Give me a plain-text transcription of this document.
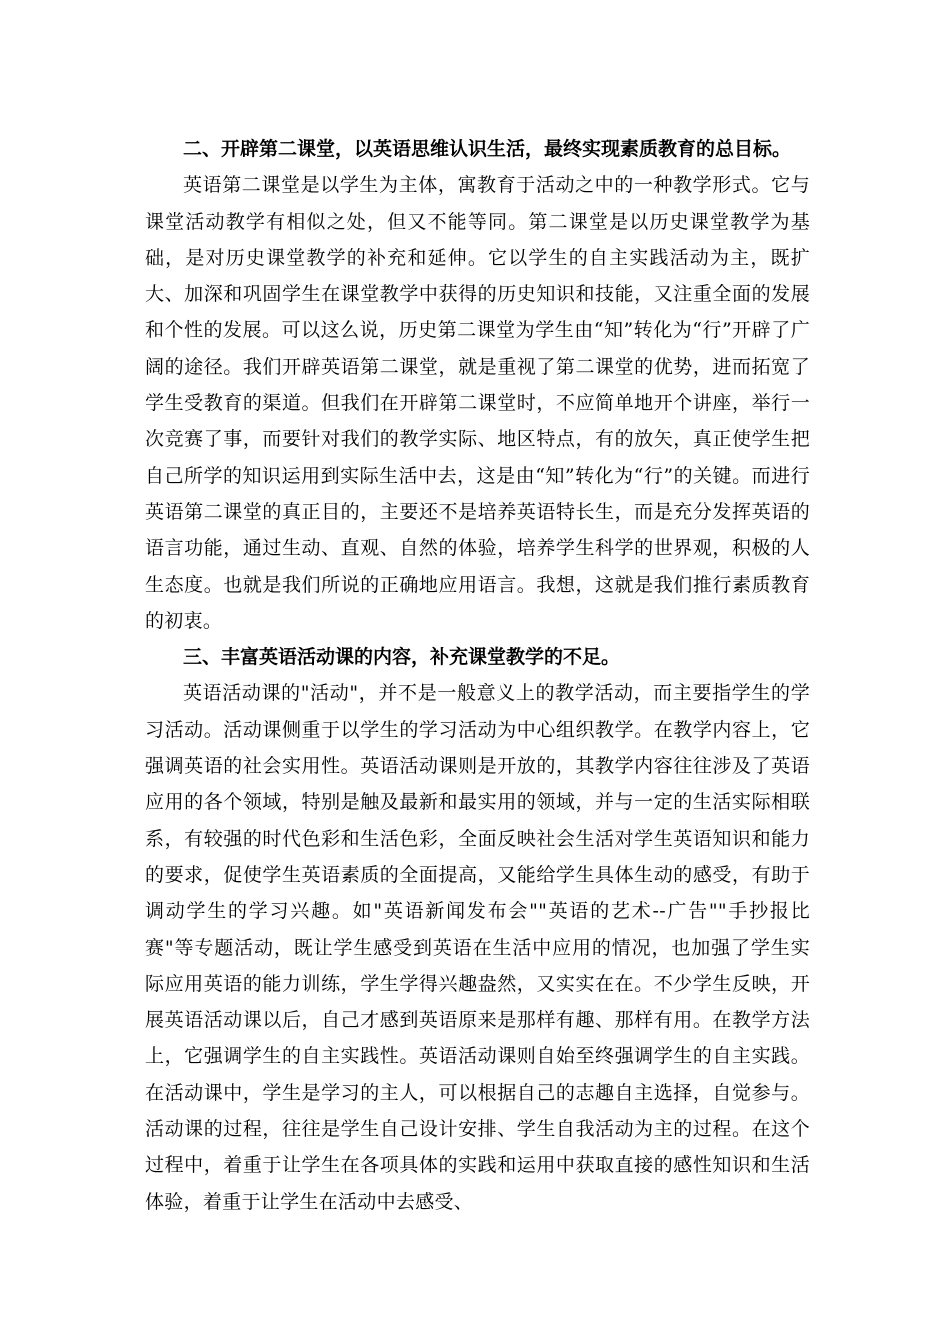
二、开辟第二课堂，以英语思维认识生活，最终实现素质教育的总目标。

英语第二课堂是以学生为主体，寓教育于活动之中的一种教学形式。它与课堂活动教学有相似之处，但又不能等同。第二课堂是以历史课堂教学为基础，是对历史课堂教学的补充和延伸。它以学生的自主实践活动为主，既扩大、加深和巩固学生在课堂教学中获得的历史知识和技能，又注重全面的发展和个性的发展。可以这么说，历史第二课堂为学生由“知”转化为“行”开辟了广阔的途径。我们开辟英语第二课堂，就是重视了第二课堂的优势，进而拓宽了学生受教育的渠道。但我们在开辟第二课堂时，不应简单地开个讲座，举行一次竞赛了事，而要针对我们的教学实际、地区特点，有的放矢，真正使学生把自己所学的知识运用到实际生活中去，这是由“知”转化为“行”的关键。而进行英语第二课堂的真正目的，主要还不是培养英语特长生，而是充分发挥英语的语言功能，通过生动、直观、自然的体验，培养学生科学的世界观，积极的人生态度。也就是我们所说的正确地应用语言。我想，这就是我们推行素质教育的初衷。

三、丰富英语活动课的内容，补充课堂教学的不足。

英语活动课的"活动"，并不是一般意义上的教学活动，而主要指学生的学习活动。活动课侧重于以学生的学习活动为中心组织教学。在教学内容上，它强调英语的社会实用性。英语活动课则是开放的，其教学内容往往涉及了英语应用的各个领域，特别是触及最新和最实用的领域，并与一定的生活实际相联系，有较强的时代色彩和生活色彩，全面反映社会生活对学生英语知识和能力的要求，促使学生英语素质的全面提高，又能给学生具体生动的感受，有助于调动学生的学习兴趣。如"英语新闻发布会""英语的艺术--广告""手抄报比赛"等专题活动，既让学生感受到英语在生活中应用的情况，也加强了学生实际应用英语的能力训练，学生学得兴趣盎然，又实实在在。不少学生反映，开展英语活动课以后，自己才感到英语原来是那样有趣、那样有用。在教学方法上，它强调学生的自主实践性。英语活动课则自始至终强调学生的自主实践。在活动课中，学生是学习的主人，可以根据自己的志趣自主选择，自觉参与。活动课的过程，往往是学生自己设计安排、学生自我活动为主的过程。在这个过程中，着重于让学生在各项具体的实践和运用中获取直接的感性知识和生活体验，着重于让学生在活动中去感受、
